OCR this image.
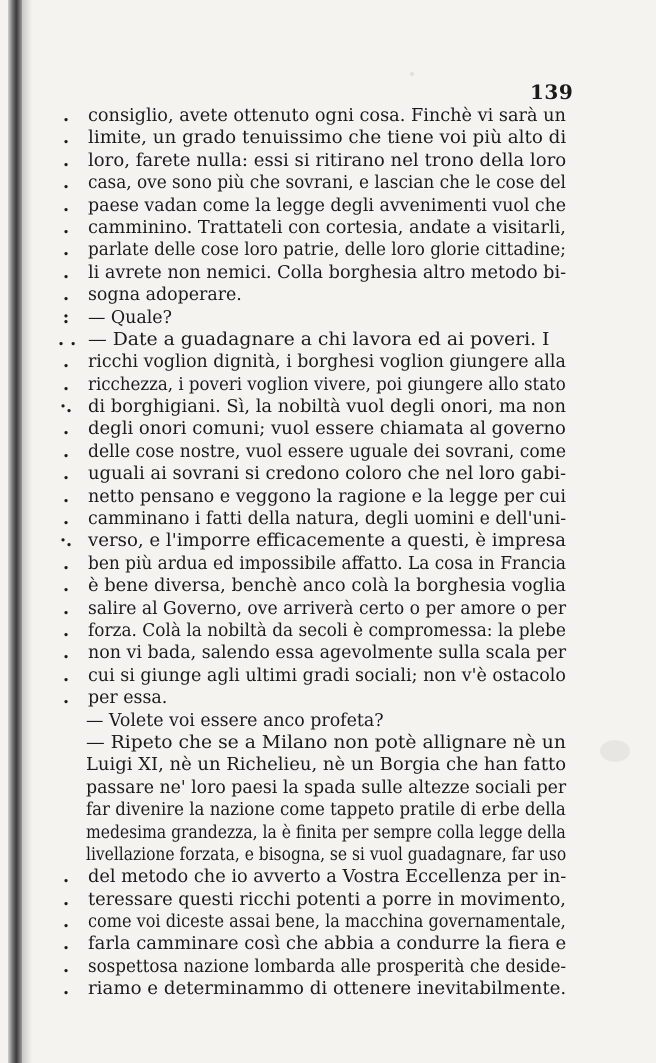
139
. consiglio, avete ottenuto ogni cosa. Finchè vi sarà un
. limite, un grado tenuissimo che tiene voi più alto di
. loro, farete nulla: essi si ritirano nel trono della loro
. casa, ove sono più che sovrani, e lascian che le cose del
. paese vadan come la legge degli avvenimenti vuol che
. camminino. Trattateli con cortesia, andate a visitarli,
. parlate delle cose loro patrie, delle loro glorie cittadine;
. li avrete non nemici. Colla borghesia altro metodo bi-
. sogna adoperare.
: — Quale?
. . — Date a guadagnare a chi lavora ed ai poveri. I
. ricchi voglion dignità, i borghesi voglion giungere alla
. ricchezza, i poveri voglion vivere, poi giungere allo stato
·. di borghigiani. Sì, la nobiltà vuol degli onori, ma non
. degli onori comuni; vuol essere chiamata al governo
. delle cose nostre, vuol essere uguale dei sovrani, come
. uguali ai sovrani si credono coloro che nel loro gabi-
. netto pensano e veggono la ragione e la legge per cui
. camminano i fatti della natura, degli uomini e dell'uni-
·. verso, e l'imporre efficacemente a questi, è impresa
. ben più ardua ed impossibile affatto. La cosa in Francia
. è bene diversa, benchè anco colà la borghesia voglia
. salire al Governo, ove arriverà certo o per amore o per
. forza. Colà la nobiltà da secoli è compromessa: la plebe
. non vi bada, salendo essa agevolmente sulla scala per
. cui si giunge agli ultimi gradi sociali; non v'è ostacolo
. per essa.
— Volete voi essere anco profeta?
— Ripeto che se a Milano non potè allignare nè un
Luigi XI, nè un Richelieu, nè un Borgia che han fatto
passare ne' loro paesi la spada sulle altezze sociali per
far divenire la nazione come tappeto pratile di erbe della
medesima grandezza, la è finita per sempre colla legge della
livellazione forzata, e bisogna, se si vuol guadagnare, far uso
. del metodo che io avverto a Vostra Eccellenza per in-
. teressare questi ricchi potenti a porre in movimento,
. come voi diceste assai bene, la macchina governamentale,
. farla camminare così che abbia a condurre la fiera e
. sospettosa nazione lombarda alle prosperità che deside-
. riamo e determinammo di ottenere inevitabilmente.
